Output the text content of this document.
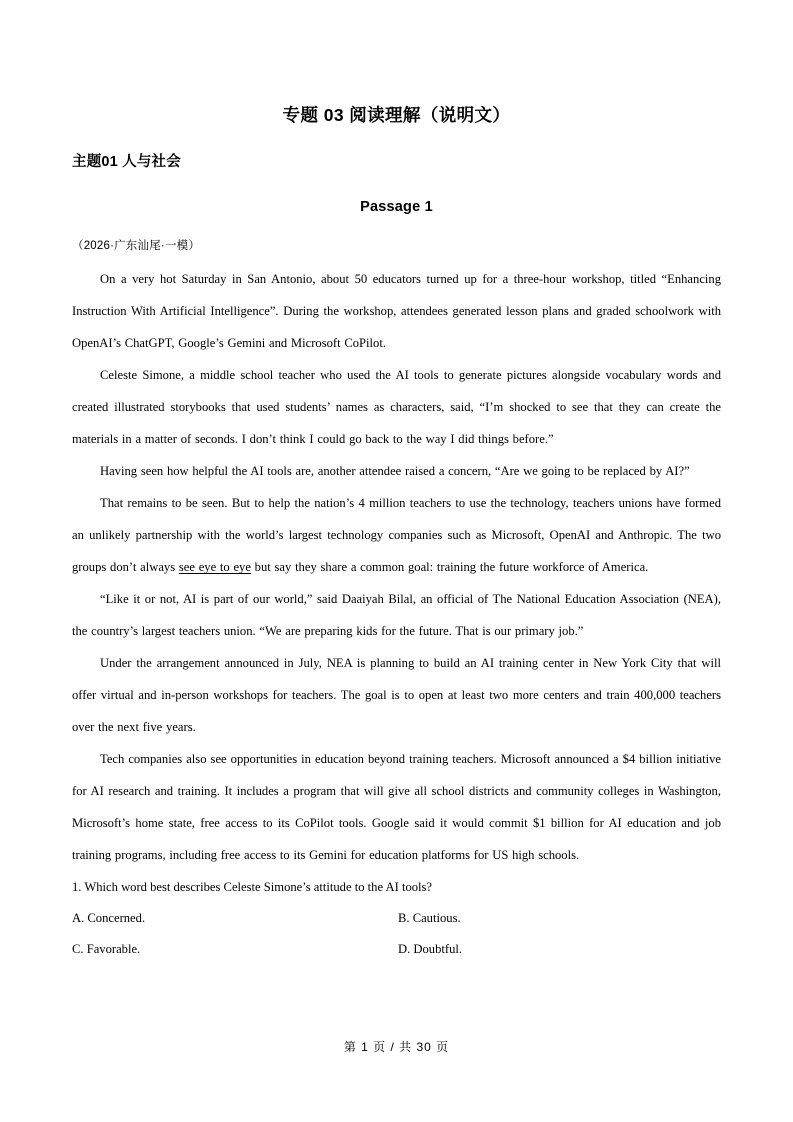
专题 03 阅读理解（说明文）
主题01 人与社会
Passage 1

（2026·广东汕尾·一模）

On a very hot Saturday in San Antonio, about 50 educators turned up for a three-hour workshop, titled “Enhancing Instruction With Artificial Intelligence”. During the workshop, attendees generated lesson plans and graded schoolwork with OpenAI’s ChatGPT, Google’s Gemini and Microsoft CoPilot.

Celeste Simone, a middle school teacher who used the AI tools to generate pictures alongside vocabulary words and created illustrated storybooks that used students’ names as characters, said, “I’m shocked to see that they can create the materials in a matter of seconds. I don’t think I could go back to the way I did things before.”

Having seen how helpful the AI tools are, another attendee raised a concern, “Are we going to be replaced by AI?”

That remains to be seen. But to help the nation’s 4 million teachers to use the technology, teachers unions have formed an unlikely partnership with the world’s largest technology companies such as Microsoft, OpenAI and Anthropic. The two groups don’t always see eye to eye but say they share a common goal: training the future workforce of America.

“Like it or not, AI is part of our world,” said Daaiyah Bilal, an official of The National Education Association (NEA), the country’s largest teachers union. “We are preparing kids for the future. That is our primary job.”

Under the arrangement announced in July, NEA is planning to build an AI training center in New York City that will offer virtual and in-person workshops for teachers. The goal is to open at least two more centers and train 400,000 teachers over the next five years.

Tech companies also see opportunities in education beyond training teachers. Microsoft announced a $4 billion initiative for AI research and training. It includes a program that will give all school districts and community colleges in Washington, Microsoft’s home state, free access to its CoPilot tools. Google said it would commit $1 billion for AI education and job training programs, including free access to its Gemini for education platforms for US high schools.

1. Which word best describes Celeste Simone’s attitude to the AI tools?

A. Concerned.	B. Cautious.
C. Favorable.	D. Doubtful.
第 1 页 / 共 30 页
